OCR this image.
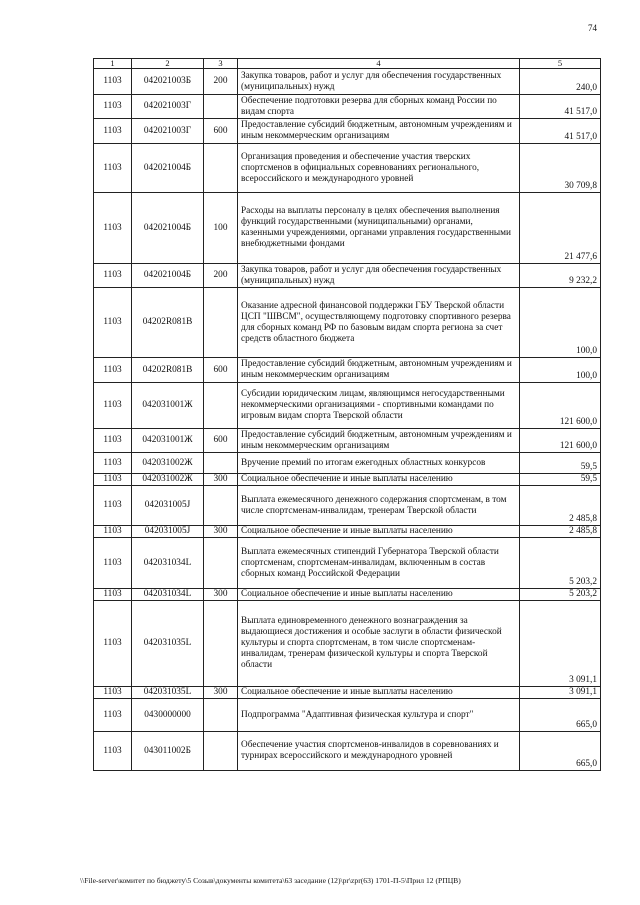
74
1	2	3	4	5
1103	042021003Б	200	Закупка товаров, работ и услуг для обеспечения государственных (муниципальных) нужд	240,0
1103	042021003Г		Обеспечение подготовки резерва для сборных команд России по видам спорта	41 517,0
1103	042021003Г	600	Предоставление субсидий бюджетным, автономным учреждениям и иным некоммерческим организациям	41 517,0
1103	042021004Б		Организация проведения и обеспечение участия тверских спортсменов в официальных соревнованиях регионального, всероссийского и международного уровней	30 709,8
1103	042021004Б	100	Расходы на выплаты персоналу в целях обеспечения выполнения функций государственными (муниципальными) органами, казенными учреждениями, органами управления государственными внебюджетными фондами	21 477,6
1103	042021004Б	200	Закупка товаров, работ и услуг для обеспечения государственных (муниципальных) нужд	9 232,2
1103	04202R081B		Оказание адресной финансовой поддержки ГБУ Тверской области ЦСП "ШВСМ", осуществляющему подготовку спортивного резерва для сборных команд РФ по базовым видам спорта региона за счет средств областного бюджета	100,0
1103	04202R081B	600	Предоставление субсидий бюджетным, автономным учреждениям и иным некоммерческим организациям	100,0
1103	042031001Ж		Субсидии юридическим лицам, являющимся негосударственными некоммерческими организациями - спортивными командами по игровым видам спорта Тверской области	121 600,0
1103	042031001Ж	600	Предоставление субсидий бюджетным, автономным учреждениям и иным некоммерческим организациям	121 600,0
1103	042031002Ж		Вручение премий по итогам ежегодных областных конкурсов	59,5
1103	042031002Ж	300	Социальное обеспечение и иные выплаты населению	59,5
1103	042031005J		Выплата ежемесячного денежного содержания спортсменам, в том числе спортсменам-инвалидам, тренерам Тверской области	2 485,8
1103	042031005J	300	Социальное обеспечение и иные выплаты населению	2 485,8
1103	042031034L		Выплата ежемесячных стипендий Губернатора Тверской области спортсменам, спортсменам-инвалидам, включенным в состав сборных команд Российской Федерации	5 203,2
1103	042031034L	300	Социальное обеспечение и иные выплаты населению	5 203,2
1103	042031035L		Выплата единовременного денежного вознаграждения за выдающиеся достижения и особые заслуги в области физической культуры и спорта спортсменам, в том числе спортсменам-инвалидам, тренерам физической культуры и спорта Тверской области	3 091,1
1103	042031035L	300	Социальное обеспечение и иные выплаты населению	3 091,1
1103	0430000000		Подпрограмма "Адаптивная физическая культура и спорт"	665,0
1103	043011002Б		Обеспечение участия спортсменов-инвалидов в соревнованиях и турнирах всероссийского и международного уровней	665,0
\\File-server\комитет по бюджету\5 Созыв\документы комитета\63 заседание (12)\pr\zpr(63) 1701-П-5\Прил 12 (РПЦВ)
